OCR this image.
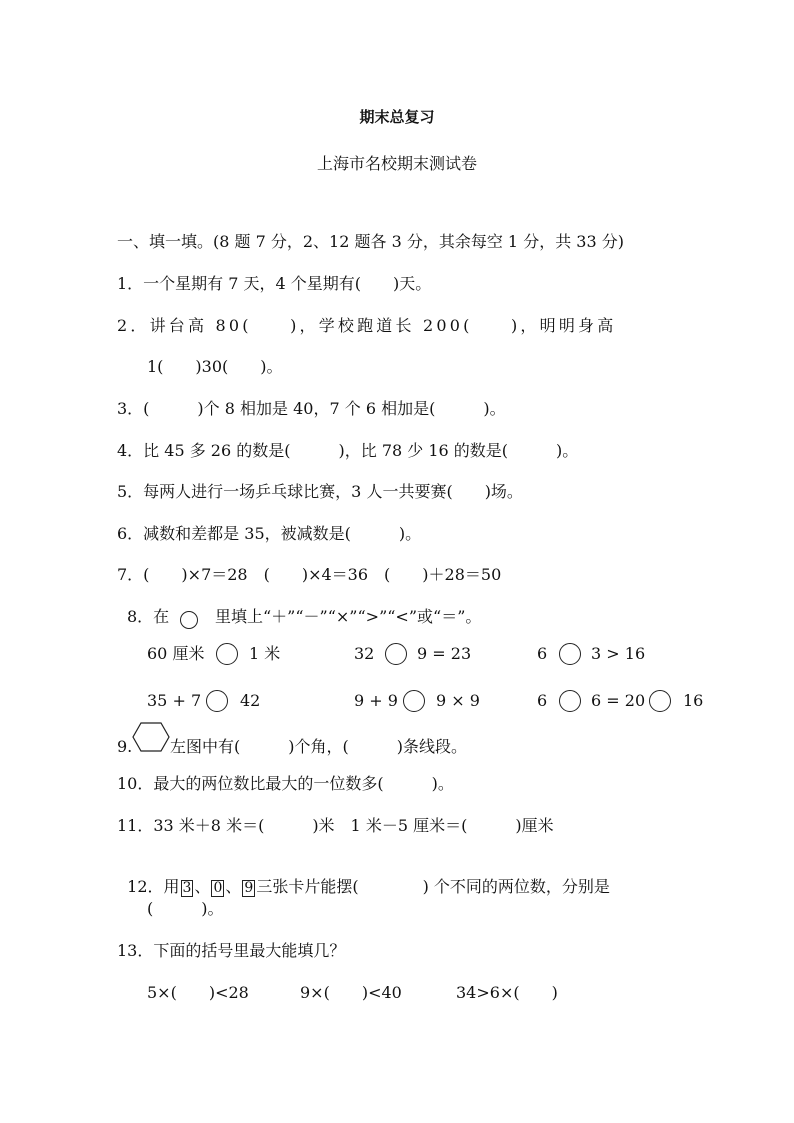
期末总复习
上海市名校期末测试卷
一、填一填。(8 题 7 分，2、12 题各 3 分，其余每空 1 分，共 33 分)
1．一个星期有 7 天，4 个星期有(　　)天。
2．讲台高 80(　　)，学校跑道长 200(　　)，明明身高
1(　　)30(　　)。
3．(　　　)个 8 相加是 40，7 个 6 相加是(　　　)。
4．比 45 多 26 的数是(　　　)，比 78 少 16 的数是(　　　)。
5．每两人进行一场乒乓球比赛，3 人一共要赛(　　)场。
6．减数和差都是 35，被减数是(　　　)。
7．(　　)×7＝28　(　　)×4＝36　(　　)＋28＝50
8．在	里填上“＋”“－”“×”“>”“<”或“＝”。
60 厘米	1 米	32	9 = 23	6	3 > 16
35 + 7 42	9 + 9 9 × 9	6	6 = 20 16
9. 左图中有(　　　)个角，(　　　)条线段。
10．最大的两位数比最大的一位数多(　　　)。
11．33 米＋8 米＝(　　　)米　1 米－5 厘米＝(　　　)厘米

12．用 3 、 0 、 9 三张卡片能摆(　　　　) 个不同的两位数，分别是

(　　　)。
13．下面的括号里最大能填几？
5×(　　)<28	9×(　　)<40	34>6×(　　)
